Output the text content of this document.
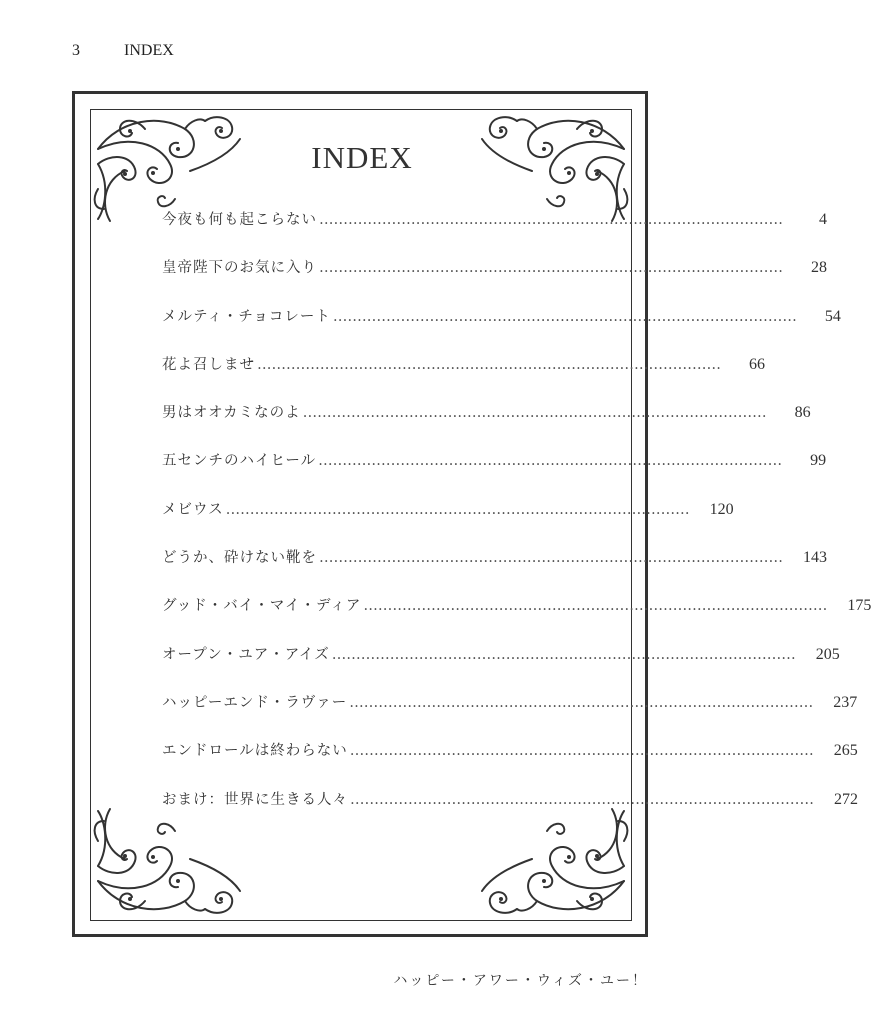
3	INDEX
INDEX
今夜も何も起こらない ……………………………………………………………………………………	4
皇帝陛下のお気に入り ……………………………………………………………………………………	28
メルティ・チョコレート ……………………………………………………………………………………	54
花よ召しませ ……………………………………………………………………………………	66
男はオオカミなのよ ……………………………………………………………………………………	86
五センチのハイヒール ……………………………………………………………………………………	99
メビウス ……………………………………………………………………………………	120
どうか、砕けない靴を ……………………………………………………………………………………	143
グッド・バイ・マイ・ディア ……………………………………………………………………………………	175
オープン・ユア・アイズ ……………………………………………………………………………………	205
ハッピーエンド・ラヴァー ……………………………………………………………………………………	237
エンドロールは終わらない ……………………………………………………………………………………	265
おまけ：世界に生きる人々 ……………………………………………………………………………………	272
ハッピー・アワー・ウィズ・ユー！
